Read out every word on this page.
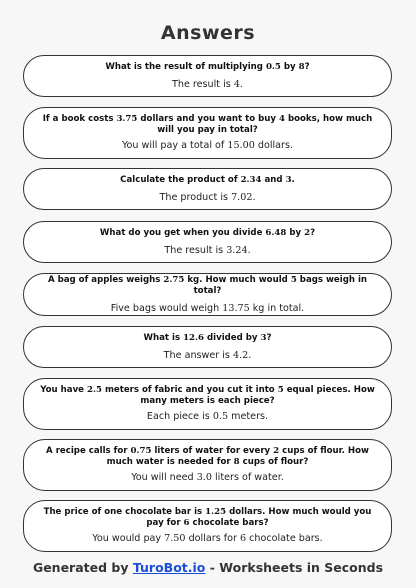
Answers
What is the result of multiplying 0.5 by 8?
The result is 4.
If a book costs 3.75 dollars and you want to buy 4 books, how much will you pay in total?
You will pay a total of 15.00 dollars.
Calculate the product of 2.34 and 3.
The product is 7.02.
What do you get when you divide 6.48 by 2?
The result is 3.24.
A bag of apples weighs 2.75 kg. How much would 5 bags weigh in total?
Five bags would weigh 13.75 kg in total.
What is 12.6 divided by 3?
The answer is 4.2.
You have 2.5 meters of fabric and you cut it into 5 equal pieces. How many meters is each piece?
Each piece is 0.5 meters.
A recipe calls for 0.75 liters of water for every 2 cups of flour. How much water is needed for 8 cups of flour?
You will need 3.0 liters of water.
The price of one chocolate bar is 1.25 dollars. How much would you pay for 6 chocolate bars?
You would pay 7.50 dollars for 6 chocolate bars.
Generated by TuroBot.io - Worksheets in Seconds
